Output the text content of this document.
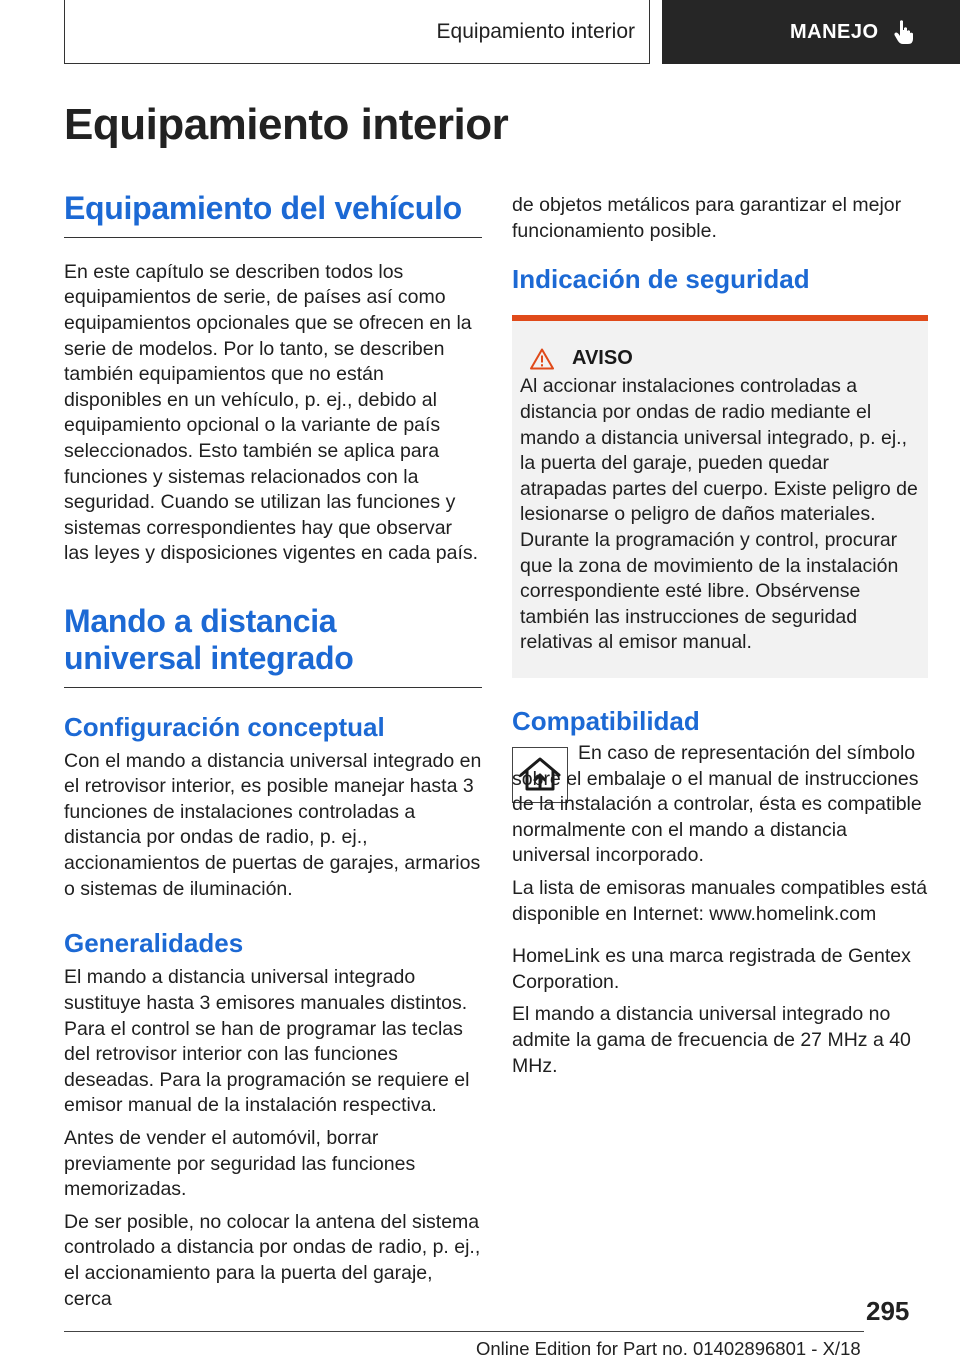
Equipamiento interior	MANEJO
Equipamiento interior
Equipamiento del vehículo

En este capítulo se describen todos los equipamientos de serie, de países así como equipamientos opcionales que se ofrecen en la serie de modelos. Por lo tanto, se describen también equipamientos que no están disponibles en un vehículo, p. ej., debido al equipamiento opcional o la variante de país seleccionados. Esto también se aplica para funciones y sistemas relacionados con la seguridad. Cuando se utilizan las funciones y sistemas correspondientes hay que observar las leyes y disposiciones vigentes en cada país.

Mando a distancia universal integrado
Configuración conceptual

Con el mando a distancia universal integrado en el retrovisor interior, es posible manejar hasta 3 funciones de instalaciones controladas a distancia por ondas de radio, p. ej., accionamientos de puertas de garajes, armarios o sistemas de iluminación.

Generalidades

El mando a distancia universal integrado sustituye hasta 3 emisores manuales distintos. Para el control se han de programar las teclas del retrovisor interior con las funciones deseadas. Para la programación se requiere el emisor manual de la instalación respectiva.

Antes de vender el automóvil, borrar previamente por seguridad las funciones memorizadas.

De ser posible, no colocar la antena del sistema controlado a distancia por ondas de radio, p. ej., el accionamiento para la puerta del garaje, cerca

de objetos metálicos para garantizar el mejor funcionamiento posible.

Indicación de seguridad
AVISO

Al accionar instalaciones controladas a distancia por ondas de radio mediante el mando a distancia universal integrado, p. ej., la puerta del garaje, pueden quedar atrapadas partes del cuerpo. Existe peligro de lesionarse o peligro de daños materiales. Durante la programación y control, procurar que la zona de movimiento de la instalación correspondiente esté libre. Obsérvense también las instrucciones de seguridad relativas al emisor manual.

Compatibilidad

En caso de representación del símbolo sobre el embalaje o el manual de instrucciones de la instalación a controlar, ésta es compatible normalmente con el mando a distancia universal incorporado.

La lista de emisoras manuales compatibles está disponible en Internet: www.homelink.com

HomeLink es una marca registrada de Gentex Corporation.

El mando a distancia universal integrado no admite la gama de frecuencia de 27 MHz a 40 MHz.

295
Online Edition for Part no. 01402896801 - X/18
